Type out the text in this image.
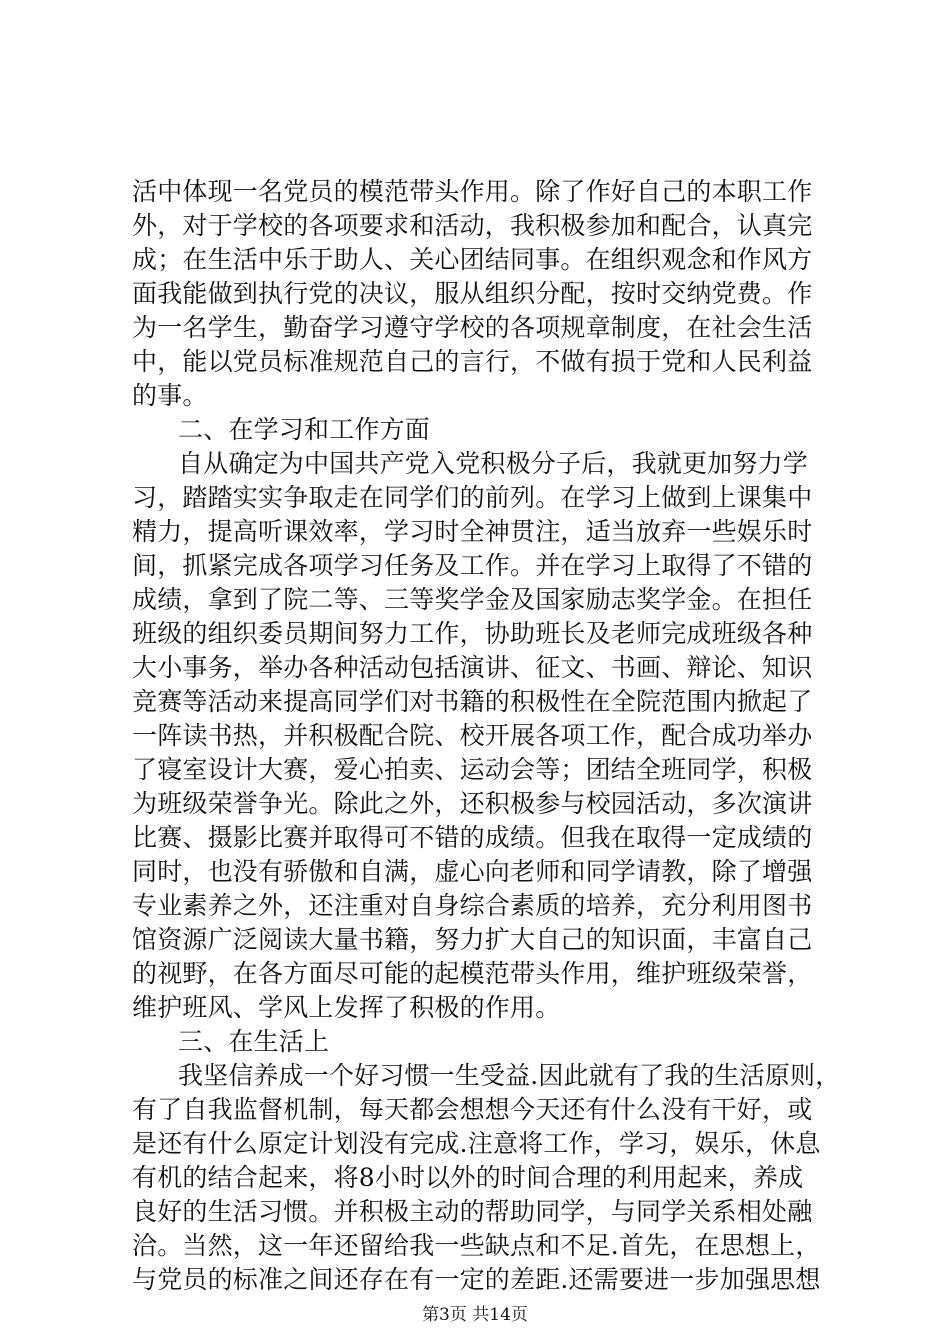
活中体现一名党员的模范带头作用。除了作好自己的本职工作
外，对于学校的各项要求和活动，我积极参加和配合，认真完
成；在生活中乐于助人、关心团结同事。在组织观念和作风方
面我能做到执行党的决议，服从组织分配，按时交纳党费。作
为一名学生，勤奋学习遵守学校的各项规章制度，在社会生活
中，能以党员标准规范自己的言行，不做有损于党和人民利益
的事。
二、在学习和工作方面
自从确定为中国共产党入党积极分子后，我就更加努力学
习，踏踏实实争取走在同学们的前列。在学习上做到上课集中
精力，提高听课效率，学习时全神贯注，适当放弃一些娱乐时
间，抓紧完成各项学习任务及工作。并在学习上取得了不错的
成绩，拿到了院二等、三等奖学金及国家励志奖学金。在担任
班级的组织委员期间努力工作，协助班长及老师完成班级各种
大小事务，举办各种活动包括演讲、征文、书画、辩论、知识
竞赛等活动来提高同学们对书籍的积极性在全院范围内掀起了
一阵读书热，并积极配合院、校开展各项工作，配合成功举办
了寝室设计大赛，爱心拍卖、运动会等；团结全班同学，积极
为班级荣誉争光。除此之外，还积极参与校园活动，多次演讲
比赛、摄影比赛并取得可不错的成绩。但我在取得一定成绩的
同时，也没有骄傲和自满，虚心向老师和同学请教，除了增强
专业素养之外，还注重对自身综合素质的培养，充分利用图书
馆资源广泛阅读大量书籍，努力扩大自己的知识面，丰富自己
的视野，在各方面尽可能的起模范带头作用，维护班级荣誉，
维护班风、学风上发挥了积极的作用。
三、在生活上
我坚信养成一个好习惯一生受益.因此就有了我的生活原则，
有了自我监督机制，每天都会想想今天还有什么没有干好，或
是还有什么原定计划没有完成.注意将工作，学习，娱乐，休息
有机的结合起来，将8小时以外的时间合理的利用起来，养成
良好的生活习惯。并积极主动的帮助同学，与同学关系相处融
洽。当然，这一年还留给我一些缺点和不足.首先，在思想上，
与党员的标准之间还存在有一定的差距.还需要进一步加强思想
第3页 共14页
